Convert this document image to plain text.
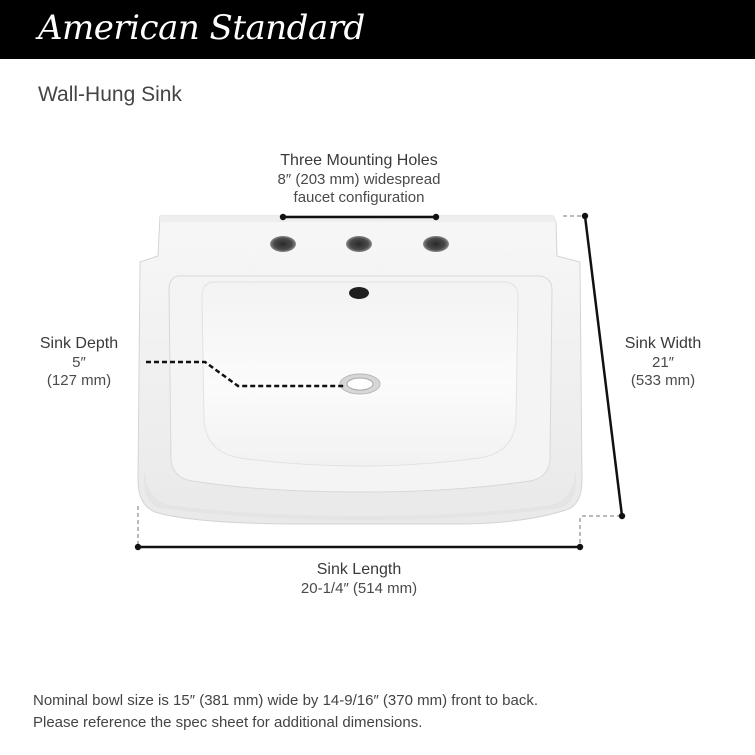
American Standard
Wall-Hung Sink
Three Mounting Holes
8″ (203 mm) widespread
faucet configuration
Sink Depth
5″
(127 mm)
Sink Width
21″
(533 mm)
Sink Length
20-1/4″ (514 mm)
Nominal bowl size is 15″ (381 mm) wide by 14-9/16″ (370 mm) front to back.
Please reference the spec sheet for additional dimensions.
